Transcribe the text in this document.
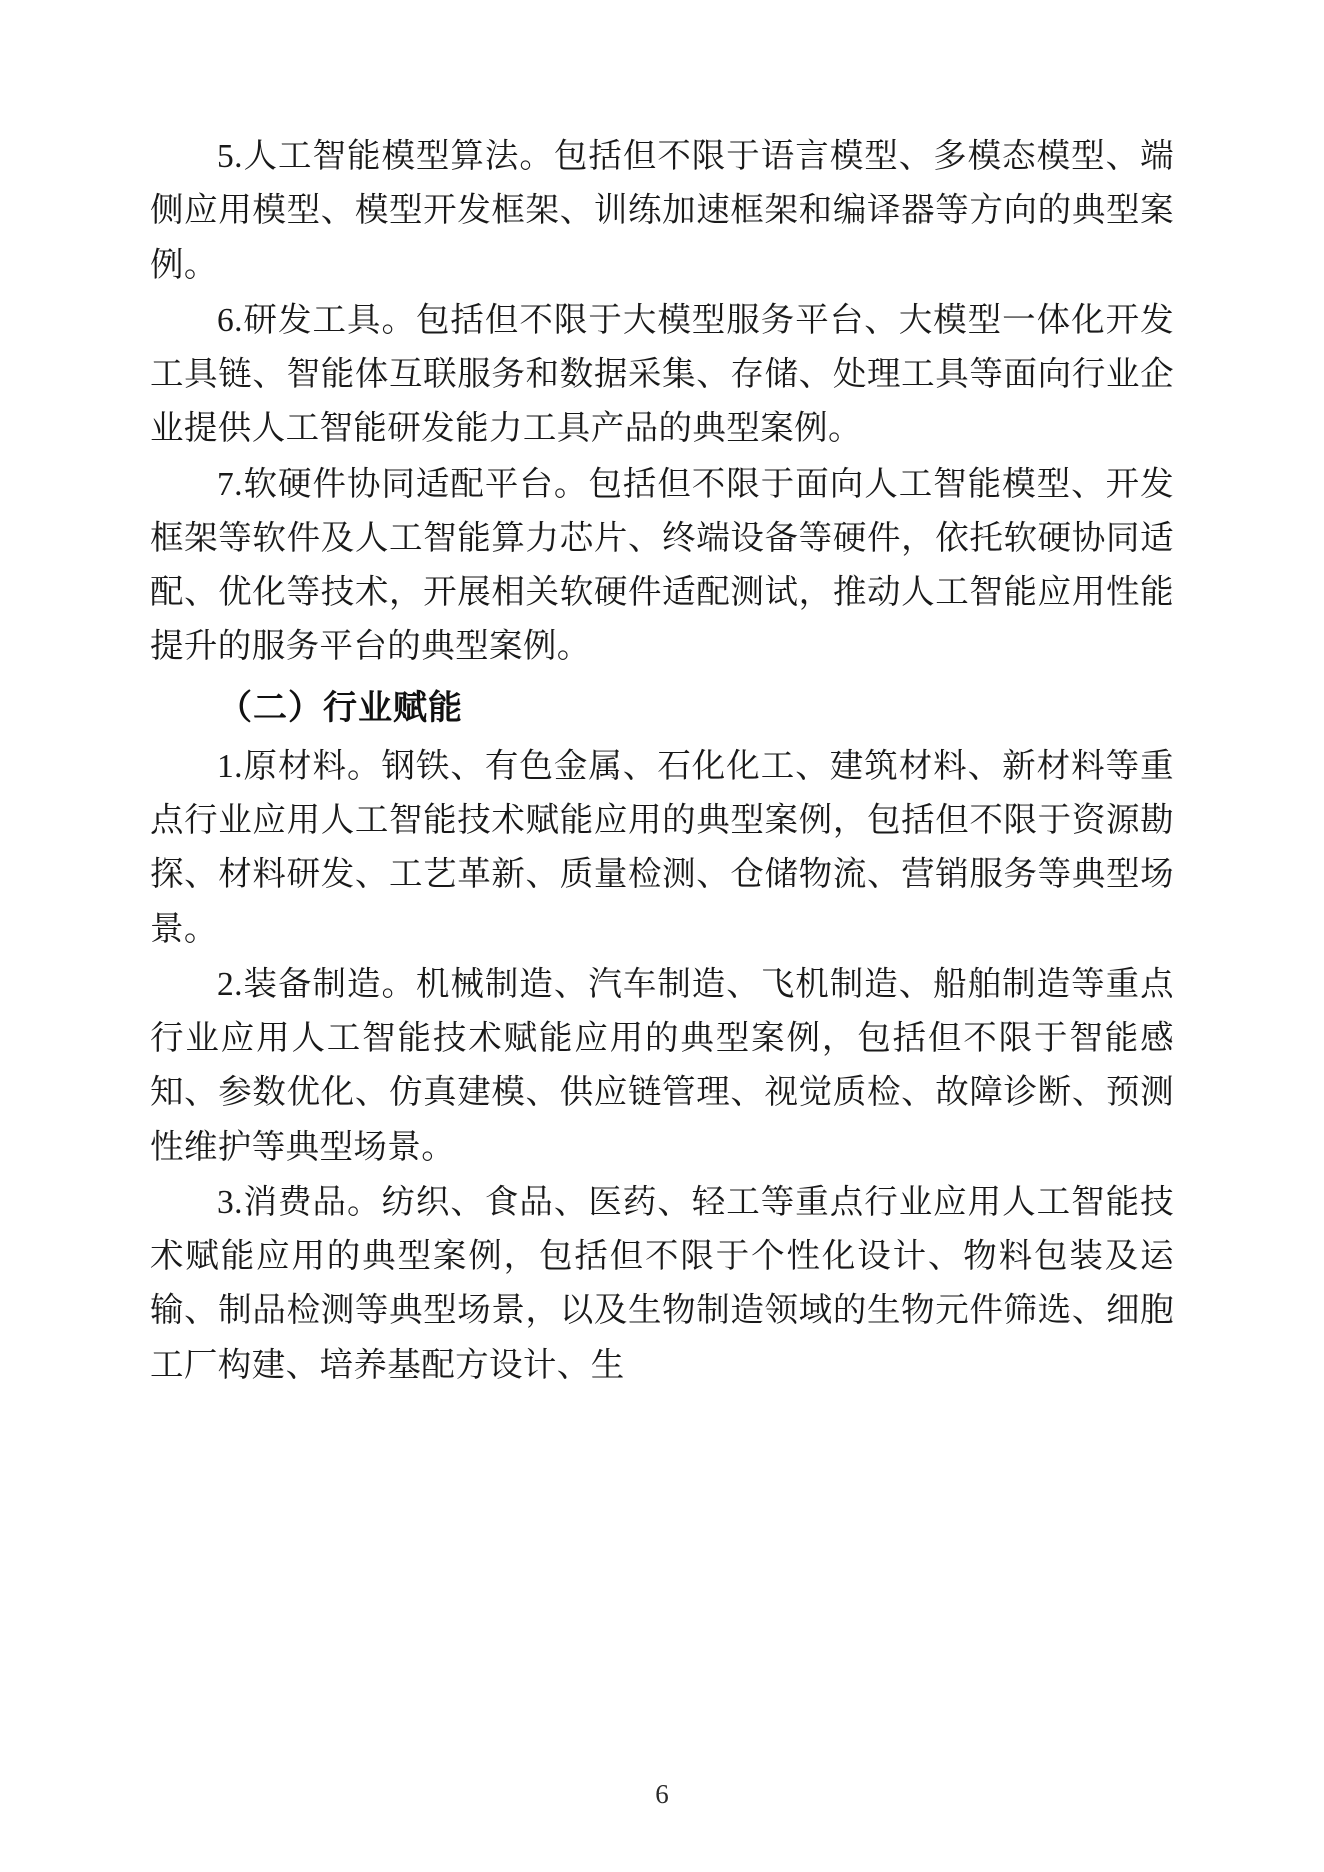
5.人工智能模型算法。包括但不限于语言模型、多模态模型、端侧应用模型、模型开发框架、训练加速框架和编译器等方向的典型案例。

6.研发工具。包括但不限于大模型服务平台、大模型一体化开发工具链、智能体互联服务和数据采集、存储、处理工具等面向行业企业提供人工智能研发能力工具产品的典型案例。

7.软硬件协同适配平台。包括但不限于面向人工智能模型、开发框架等软件及人工智能算力芯片、终端设备等硬件，依托软硬协同适配、优化等技术，开展相关软硬件适配测试，推动人工智能应用性能提升的服务平台的典型案例。

（二）行业赋能

1.原材料。钢铁、有色金属、石化化工、建筑材料、新材料等重点行业应用人工智能技术赋能应用的典型案例，包括但不限于资源勘探、材料研发、工艺革新、质量检测、仓储物流、营销服务等典型场景。

2.装备制造。机械制造、汽车制造、飞机制造、船舶制造等重点行业应用人工智能技术赋能应用的典型案例，包括但不限于智能感知、参数优化、仿真建模、供应链管理、视觉质检、故障诊断、预测性维护等典型场景。

3.消费品。纺织、食品、医药、轻工等重点行业应用人工智能技术赋能应用的典型案例，包括但不限于个性化设计、物料包装及运输、制品检测等典型场景，以及生物制造领域的生物元件筛选、细胞工厂构建、培养基配方设计、生

6
